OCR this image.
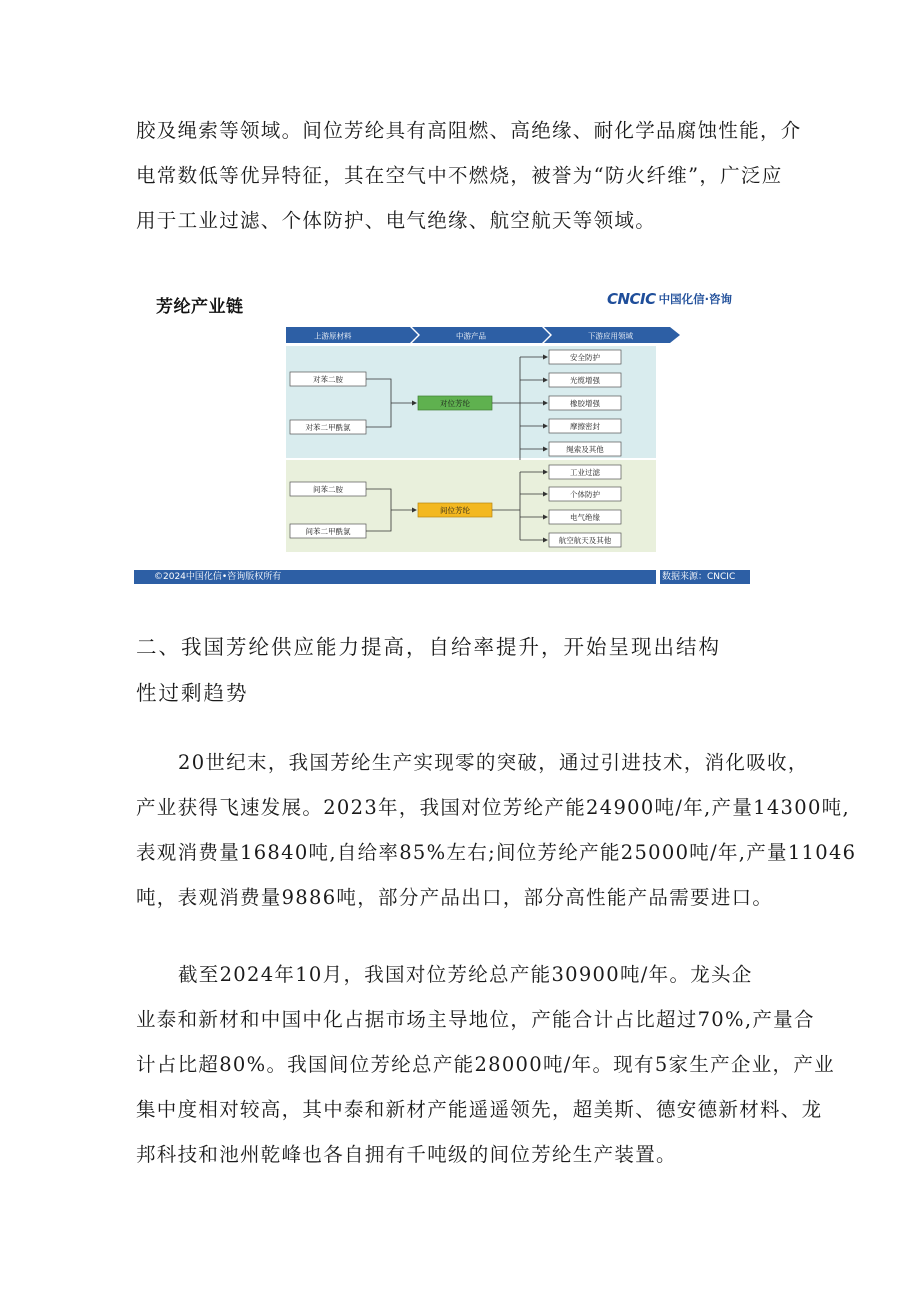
胶及绳索等领域。间位芳纶具有高阻燃、高绝缘、耐化学品腐蚀性能，介
电常数低等优异特征，其在空气中不燃烧，被誉为“防火纤维”，广泛应
用于工业过滤、个体防护、电气绝缘、航空航天等领域。
芳纶产业链	CNCIC 中国化信·咨询
上游原材料	中游产品	下游应用领域
对苯二胺
对苯二甲酰氯
对位芳纶
安全防护
光缆增强
橡胶增强
摩擦密封
绳索及其他
间苯二胺
间苯二甲酰氯
间位芳纶
工业过滤
个体防护
电气绝缘
航空航天及其他
©2024中国化信•咨询版权所有	数据来源：CNCIC
二、我国芳纶供应能力提高，自给率提升，开始呈现出结构
性过剩趋势
20世纪末，我国芳纶生产实现零的突破，通过引进技术，消化吸收，
产业获得飞速发展。2023年，我国对位芳纶产能24900吨/年,产量14300吨,
表观消费量16840吨,自给率85%左右;间位芳纶产能25000吨/年,产量11046
吨，表观消费量9886吨，部分产品出口，部分高性能产品需要进口。
截至2024年10月，我国对位芳纶总产能30900吨/年。龙头企
业泰和新材和中国中化占据市场主导地位，产能合计占比超过70%,产量合
计占比超80%。我国间位芳纶总产能28000吨/年。现有5家生产企业，产业
集中度相对较高，其中泰和新材产能遥遥领先，超美斯、德安德新材料、龙
邦科技和池州乾峰也各自拥有千吨级的间位芳纶生产装置。
